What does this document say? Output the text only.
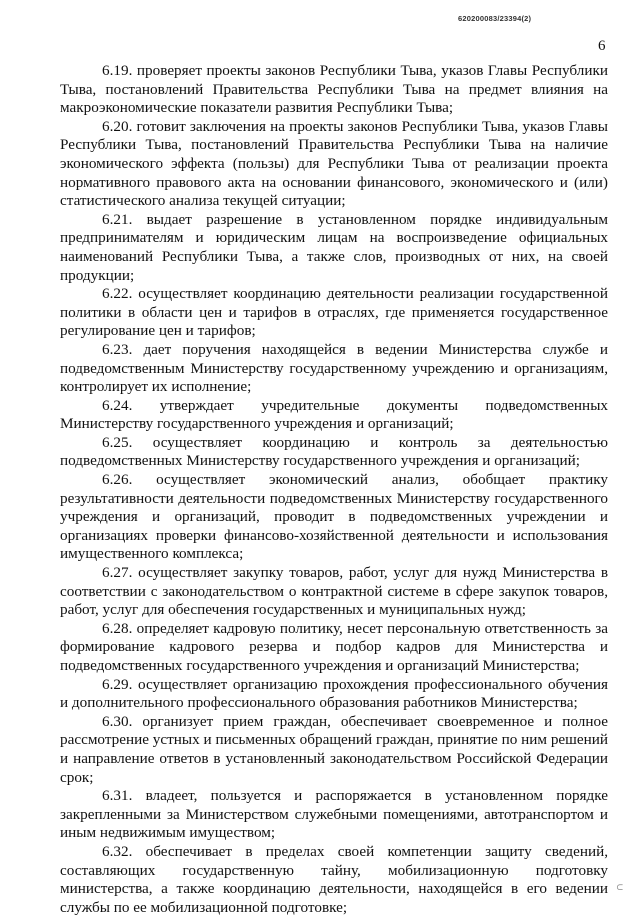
620200083/23394(2)
6

6.19. проверяет проекты законов Республики Тыва, указов Главы Республики Тыва, постановлений Правительства Республики Тыва на предмет влияния на макроэкономические показатели развития Республики Тыва;

6.20. готовит заключения на проекты законов Республики Тыва, указов Главы Республики Тыва, постановлений Правительства Республики Тыва на наличие экономического эффекта (пользы) для Республики Тыва от реализации проекта нормативного правового акта на основании финансового, экономического и (или) статистического анализа текущей ситуации;

6.21. выдает разрешение в установленном порядке индивидуальным предпринимателям и юридическим лицам на воспроизведение официальных наименований Республики Тыва, а также слов, производных от них, на своей продукции;

6.22. осуществляет координацию деятельности реализации государственной политики в области цен и тарифов в отраслях, где применяется государственное регулирование цен и тарифов;

6.23. дает поручения находящейся в ведении Министерства службе и подведомственным Министерству государственному учреждению и организациям, контролирует их исполнение;

6.24. утверждает учредительные документы подведомственных Министерству государственного учреждения и организаций;

6.25. осуществляет координацию и контроль за деятельностью подведомственных Министерству государственного учреждения и организаций;

6.26. осуществляет экономический анализ, обобщает практику результативности деятельности подведомственных Министерству государственного учреждения и организаций, проводит в подведомственных учреждении и организациях проверки финансово-хозяйственной деятельности и использования имущественного комплекса;

6.27. осуществляет закупку товаров, работ, услуг для нужд Министерства в соответствии с законодательством о контрактной системе в сфере закупок товаров, работ, услуг для обеспечения государственных и муниципальных нужд;

6.28. определяет кадровую политику, несет персональную ответственность за формирование кадрового резерва и подбор кадров для Министерства и подведомственных государственного учреждения и организаций Министерства;

6.29. осуществляет организацию прохождения профессионального обучения и дополнительного профессионального образования работников Министерства;

6.30. организует прием граждан, обеспечивает своевременное и полное рассмотрение устных и письменных обращений граждан, принятие по ним решений и направление ответов в установленный законодательством Российской Федерации срок;

6.31. владеет, пользуется и распоряжается в установленном порядке закрепленными за Министерством служебными помещениями, автотранспортом и иным недвижимым имуществом;

6.32. обеспечивает в пределах своей компетенции защиту сведений, составляющих государственную тайну, мобилизационную подготовку министерства, а также координацию деятельности, находящейся в его ведении службы по ее мобилизационной подготовке;

⊂
